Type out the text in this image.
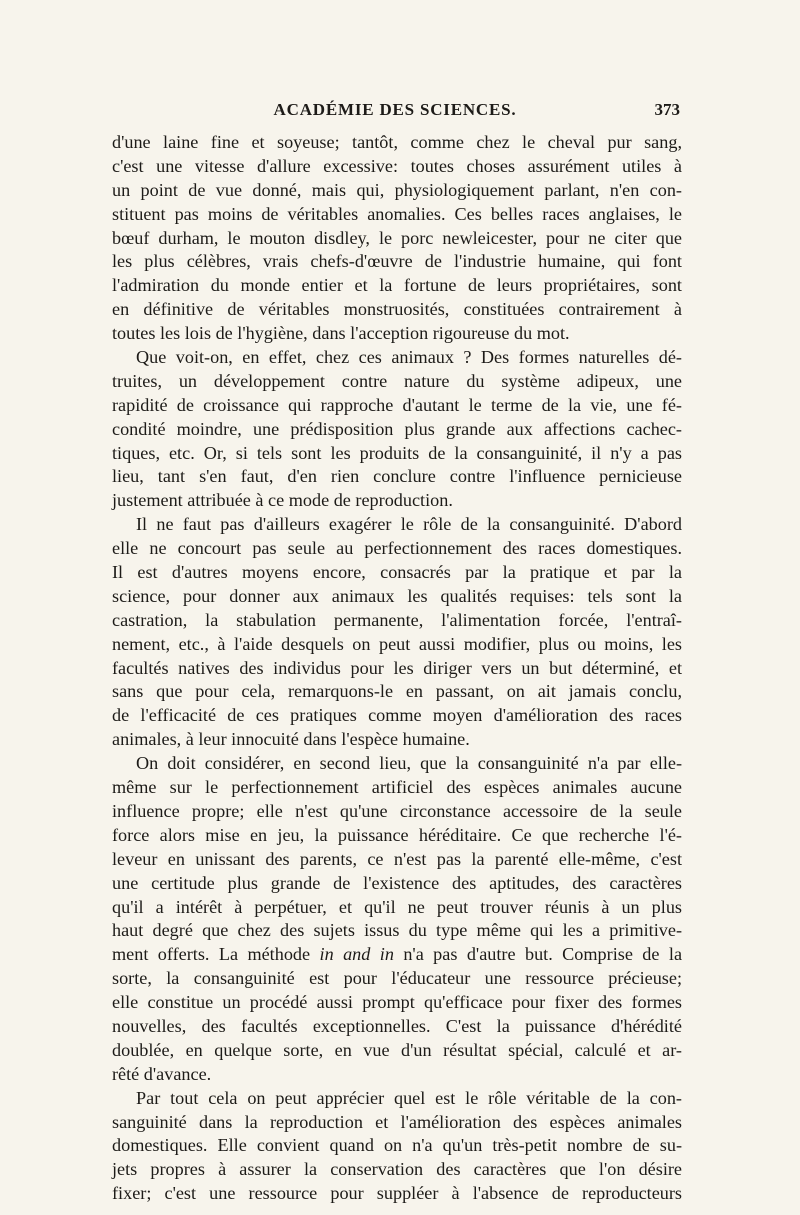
ACADÉMIE DES SCIENCES.	373
d'une laine fine et soyeuse; tantôt, comme chez le cheval pur sang,
c'est une vitesse d'allure excessive: toutes choses assurément utiles à
un point de vue donné, mais qui, physiologiquement parlant, n'en con-
stituent pas moins de véritables anomalies. Ces belles races anglaises, le
bœuf durham, le mouton disdley, le porc newleicester, pour ne citer que
les plus célèbres, vrais chefs-d'œuvre de l'industrie humaine, qui font
l'admiration du monde entier et la fortune de leurs propriétaires, sont
en définitive de véritables monstruosités, constituées contrairement à
toutes les lois de l'hygiène, dans l'acception rigoureuse du mot.
Que voit-on, en effet, chez ces animaux ? Des formes naturelles dé-
truites, un développement contre nature du système adipeux, une
rapidité de croissance qui rapproche d'autant le terme de la vie, une fé-
condité moindre, une prédisposition plus grande aux affections cachec-
tiques, etc. Or, si tels sont les produits de la consanguinité, il n'y a pas
lieu, tant s'en faut, d'en rien conclure contre l'influence pernicieuse
justement attribuée à ce mode de reproduction.
Il ne faut pas d'ailleurs exagérer le rôle de la consanguinité. D'abord
elle ne concourt pas seule au perfectionnement des races domestiques.
Il est d'autres moyens encore, consacrés par la pratique et par la
science, pour donner aux animaux les qualités requises: tels sont la
castration, la stabulation permanente, l'alimentation forcée, l'entraî-
nement, etc., à l'aide desquels on peut aussi modifier, plus ou moins, les
facultés natives des individus pour les diriger vers un but déterminé, et
sans que pour cela, remarquons-le en passant, on ait jamais conclu,
de l'efficacité de ces pratiques comme moyen d'amélioration des races
animales, à leur innocuité dans l'espèce humaine.
On doit considérer, en second lieu, que la consanguinité n'a par elle-
même sur le perfectionnement artificiel des espèces animales aucune
influence propre; elle n'est qu'une circonstance accessoire de la seule
force alors mise en jeu, la puissance héréditaire. Ce que recherche l'é-
leveur en unissant des parents, ce n'est pas la parenté elle-même, c'est
une certitude plus grande de l'existence des aptitudes, des caractères
qu'il a intérêt à perpétuer, et qu'il ne peut trouver réunis à un plus
haut degré que chez des sujets issus du type même qui les a primitive-
ment offerts. La méthode in and in n'a pas d'autre but. Comprise de la
sorte, la consanguinité est pour l'éducateur une ressource précieuse;
elle constitue un procédé aussi prompt qu'efficace pour fixer des formes
nouvelles, des facultés exceptionnelles. C'est la puissance d'hérédité
doublée, en quelque sorte, en vue d'un résultat spécial, calculé et ar-
rêté d'avance.
Par tout cela on peut apprécier quel est le rôle véritable de la con-
sanguinité dans la reproduction et l'amélioration des espèces animales
domestiques. Elle convient quand on n'a qu'un très-petit nombre de su-
jets propres à assurer la conservation des caractères que l'on désire
fixer; c'est une ressource pour suppléer à l'absence de reproducteurs
